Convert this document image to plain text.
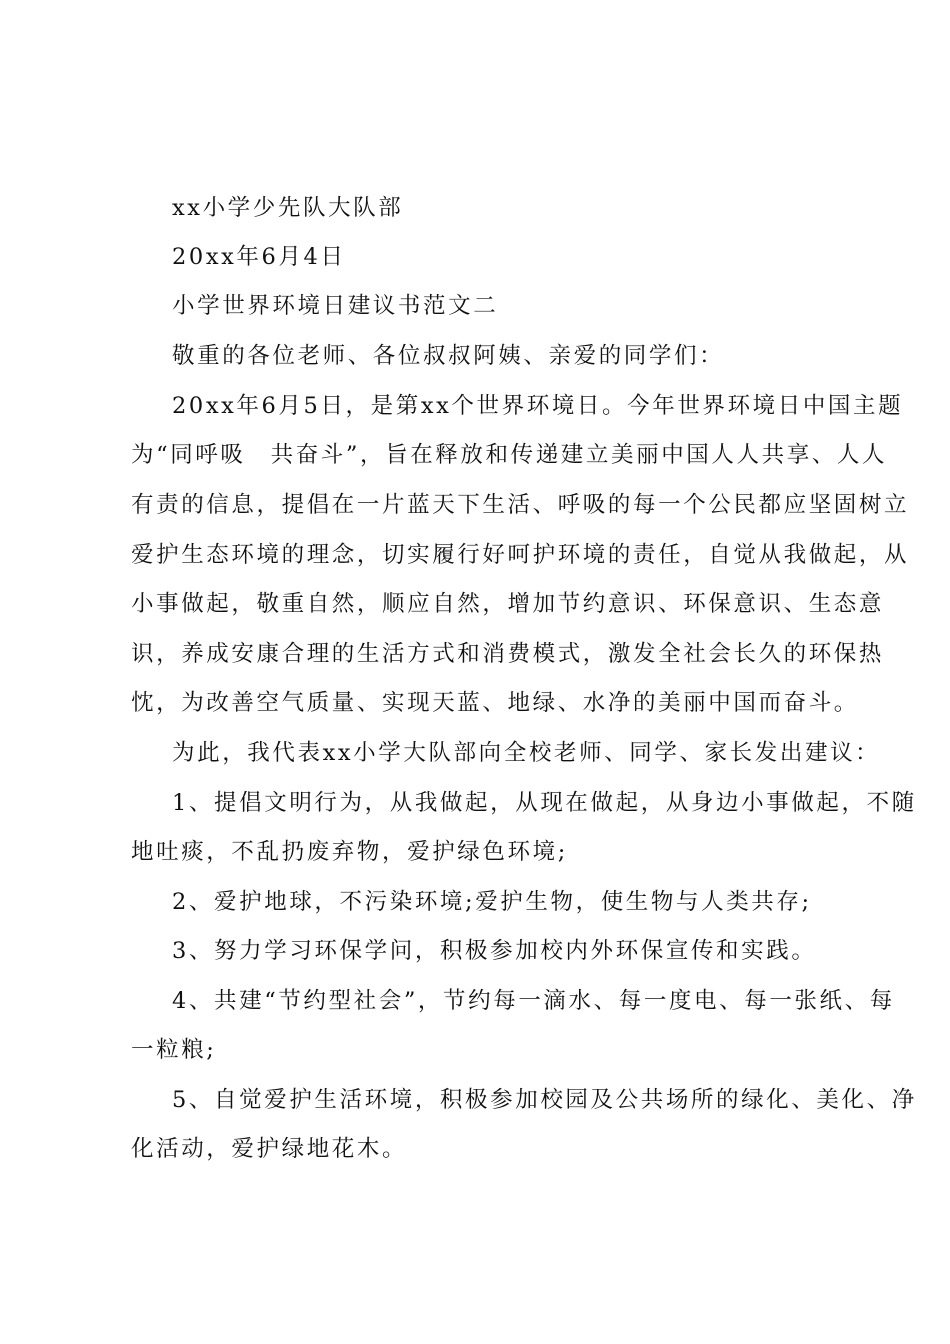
xx小学少先队大队部
20xx年6月4日
小学世界环境日建议书范文二
敬重的各位老师、各位叔叔阿姨、亲爱的同学们：
20xx年6月5日，是第xx个世界环境日。今年世界环境日中国主题
为“同呼吸　共奋斗”，旨在释放和传递建立美丽中国人人共享、人人
有责的信息，提倡在一片蓝天下生活、呼吸的每一个公民都应坚固树立
爱护生态环境的理念，切实履行好呵护环境的责任，自觉从我做起，从
小事做起，敬重自然，顺应自然，增加节约意识、环保意识、生态意
识，养成安康合理的生活方式和消费模式，激发全社会长久的环保热
忱，为改善空气质量、实现天蓝、地绿、水净的美丽中国而奋斗。
为此，我代表xx小学大队部向全校老师、同学、家长发出建议：
1、提倡文明行为，从我做起，从现在做起，从身边小事做起，不随
地吐痰，不乱扔废弃物，爱护绿色环境;
2、爱护地球，不污染环境;爱护生物，使生物与人类共存;
3、努力学习环保学问，积极参加校内外环保宣传和实践。
4、共建“节约型社会”，节约每一滴水、每一度电、每一张纸、每
一粒粮;
5、自觉爱护生活环境，积极参加校园及公共场所的绿化、美化、净
化活动，爱护绿地花木。
